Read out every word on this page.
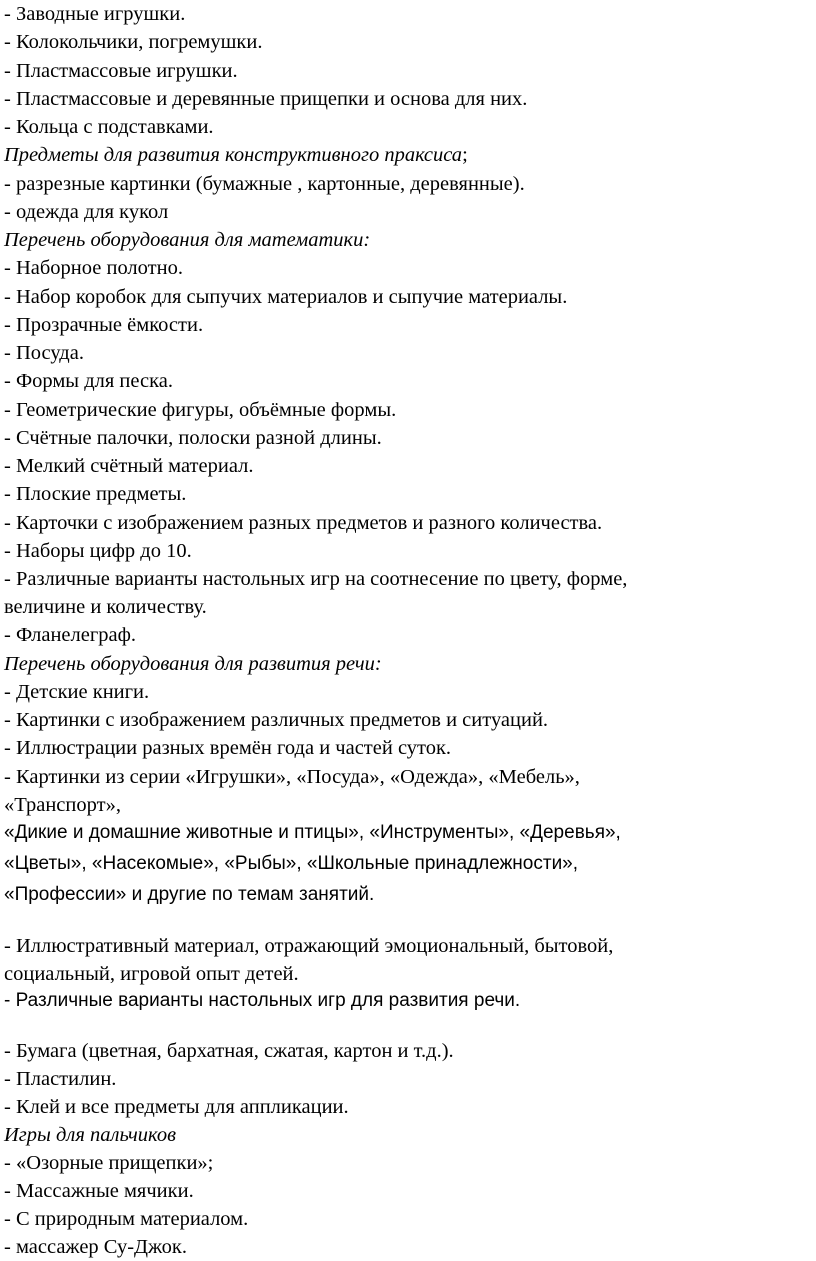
- Заводные игрушки.
- Колокольчики, погремушки.
- Пластмассовые игрушки.
- Пластмассовые и деревянные прищепки и основа для них.
- Кольца с подставками.
Предметы для развития конструктивного праксиса;
- разрезные картинки (бумажные , картонные, деревянные).
- одежда для кукол
Перечень оборудования для математики:
- Наборное полотно.
- Набор коробок для сыпучих материалов и сыпучие материалы.
- Прозрачные ёмкости.
- Посуда.
- Формы для песка.
- Геометрические фигуры, объёмные формы.
- Счётные палочки, полоски разной длины.
- Мелкий счётный материал.
- Плоские предметы.
- Карточки с изображением разных предметов и разного количества.
- Наборы цифр до 10.
- Различные варианты настольных игр на соотнесение по цвету, форме,
величине и количеству.
- Фланелеграф.
Перечень оборудования для развития речи:
- Детские книги.
- Картинки с изображением различных предметов и ситуаций.
- Иллюстрации разных времён года и частей суток.
- Картинки из серии «Игрушки», «Посуда», «Одежда», «Мебель»,
«Транспорт»,
«Дикие и домашние животные и птицы», «Инструменты», «Деревья»,
«Цветы», «Насекомые», «Рыбы», «Школьные принадлежности»,
«Профессии» и другие по темам занятий.
- Иллюстративный материал, отражающий эмоциональный, бытовой,
социальный, игровой опыт детей.
- Различные варианты настольных игр для развития речи.
- Бумага (цветная, бархатная, сжатая, картон и т.д.).
- Пластилин.
- Клей и все предметы для аппликации.
Игры для пальчиков
- «Озорные прищепки»;
- Массажные мячики.
- С природным материалом.
- массажер Су-Джок.
